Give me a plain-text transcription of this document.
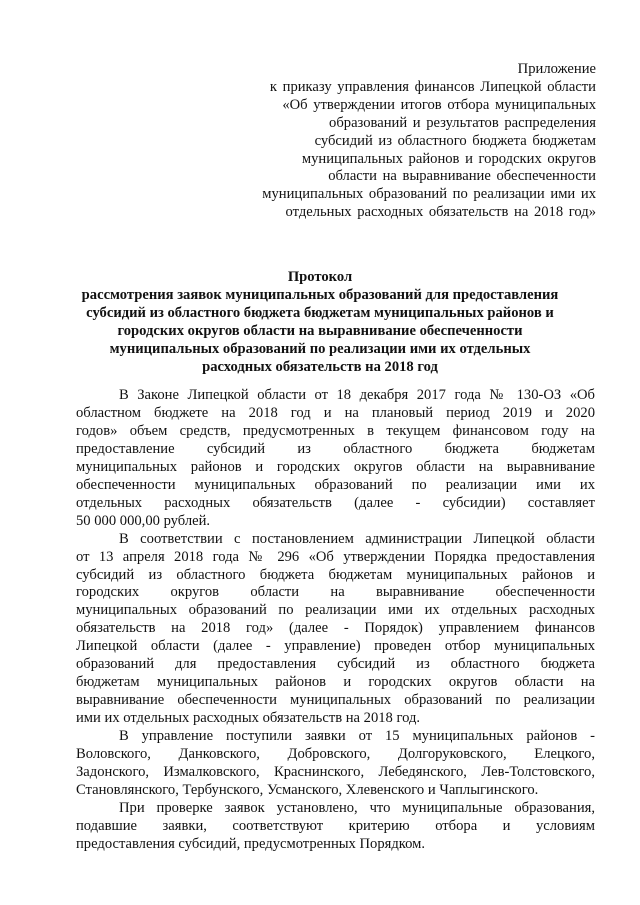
Приложение
к приказу управления финансов Липецкой области
«Об утверждении итогов отбора муниципальных
образований и результатов распределения
субсидий из областного бюджета бюджетам
муниципальных районов и городских округов
области на выравнивание обеспеченности
муниципальных образований по реализации ими их
отдельных расходных обязательств на 2018 год»
Протокол
рассмотрения заявок муниципальных образований для предоставления
субсидий из областного бюджета бюджетам муниципальных районов и
городских округов области на выравнивание обеспеченности
муниципальных образований по реализации ими их отдельных
расходных обязательств на 2018 год
В Законе Липецкой области от 18 декабря 2017 года № 130-ОЗ «Об
областном бюджете на 2018 год и на плановый период 2019 и 2020
годов» объем средств, предусмотренных в текущем финансовом году на
предоставление субсидий из областного бюджета бюджетам
муниципальных районов и городских округов области на выравнивание
обеспеченности муниципальных образований по реализации ими их
отдельных расходных обязательств (далее - субсидии) составляет
50 000 000,00 рублей.
В соответствии с постановлением администрации Липецкой области
от 13 апреля 2018 года № 296 «Об утверждении Порядка предоставления
субсидий из областного бюджета бюджетам муниципальных районов и
городских округов области на выравнивание обеспеченности
муниципальных образований по реализации ими их отдельных расходных
обязательств на 2018 год» (далее - Порядок) управлением финансов
Липецкой области (далее - управление) проведен отбор муниципальных
образований для предоставления субсидий из областного бюджета
бюджетам муниципальных районов и городских округов области на
выравнивание обеспеченности муниципальных образований по реализации
ими их отдельных расходных обязательств на 2018 год.
В управление поступили заявки от 15 муниципальных районов -
Воловского, Данковского, Добровского, Долгоруковского, Елецкого,
Задонского, Измалковского, Краснинского, Лебедянского, Лев-Толстовского,
Становлянского, Тербунского, Усманского, Хлевенского и Чаплыгинского.
При проверке заявок установлено, что муниципальные образования,
подавшие заявки, соответствуют критерию отбора и условиям
предоставления субсидий, предусмотренных Порядком.
